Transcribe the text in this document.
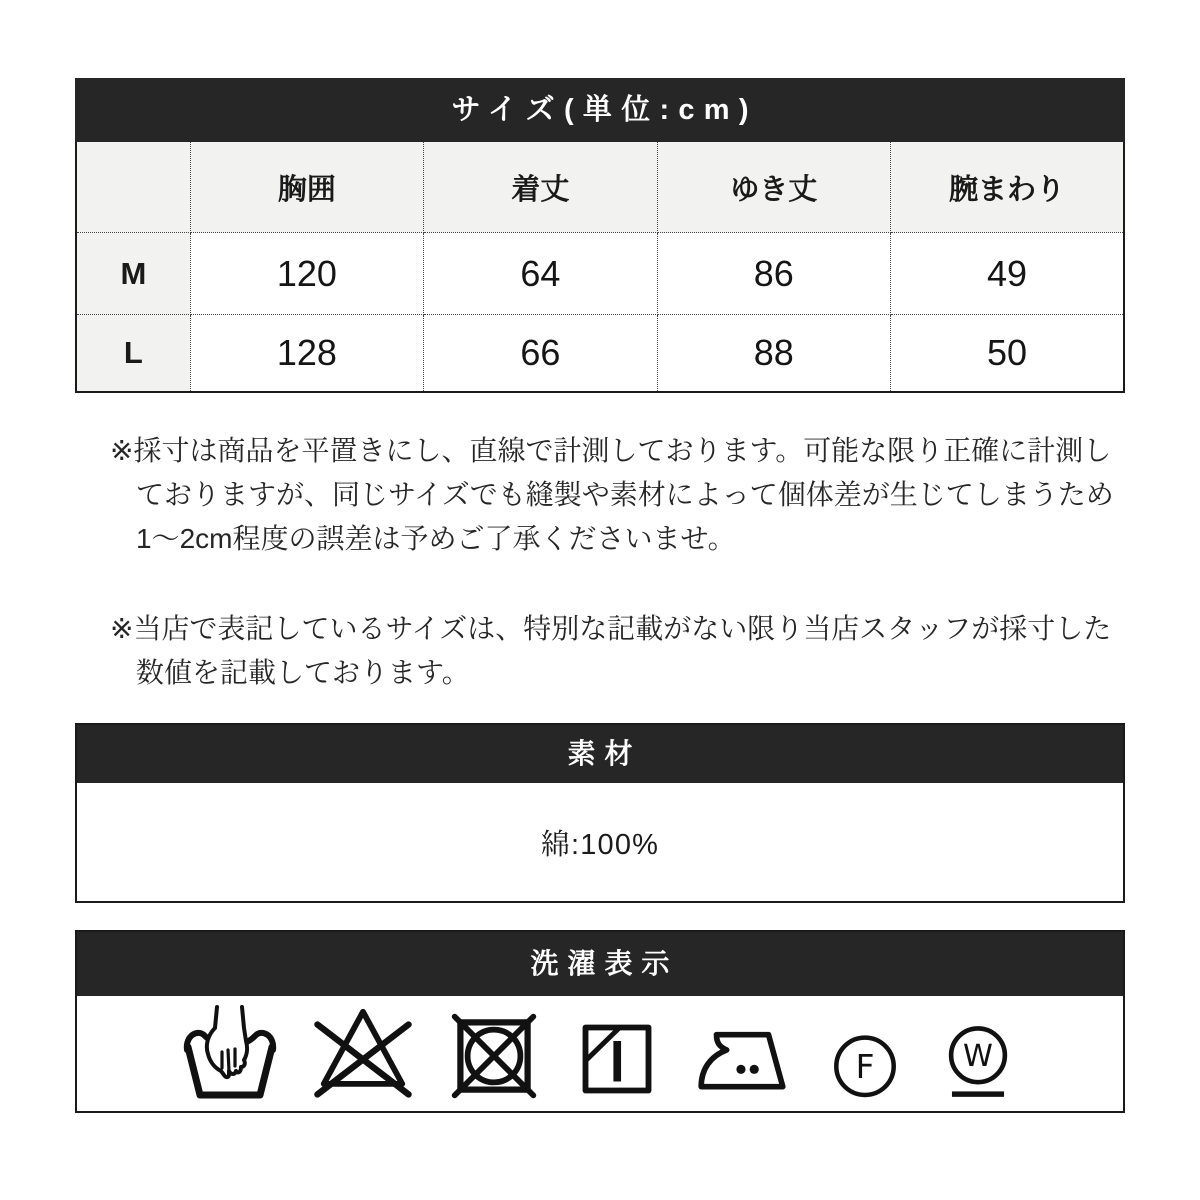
サイズ(単位:cm)
	胸囲	着丈	ゆき丈	腕まわり
M	120	64	86	49
L	128	66	88	50
※採寸は商品を平置きにし、直線で計測しております。可能な限り正確に計測し
ておりますが、同じサイズでも縫製や素材によって個体差が生じてしまうため
1〜2cm程度の誤差は予めご了承くださいませ。
※当店で表記しているサイズは、特別な記載がない限り当店スタッフが採寸した
数値を記載しております。
素材
綿:100%
洗濯表示
F W
